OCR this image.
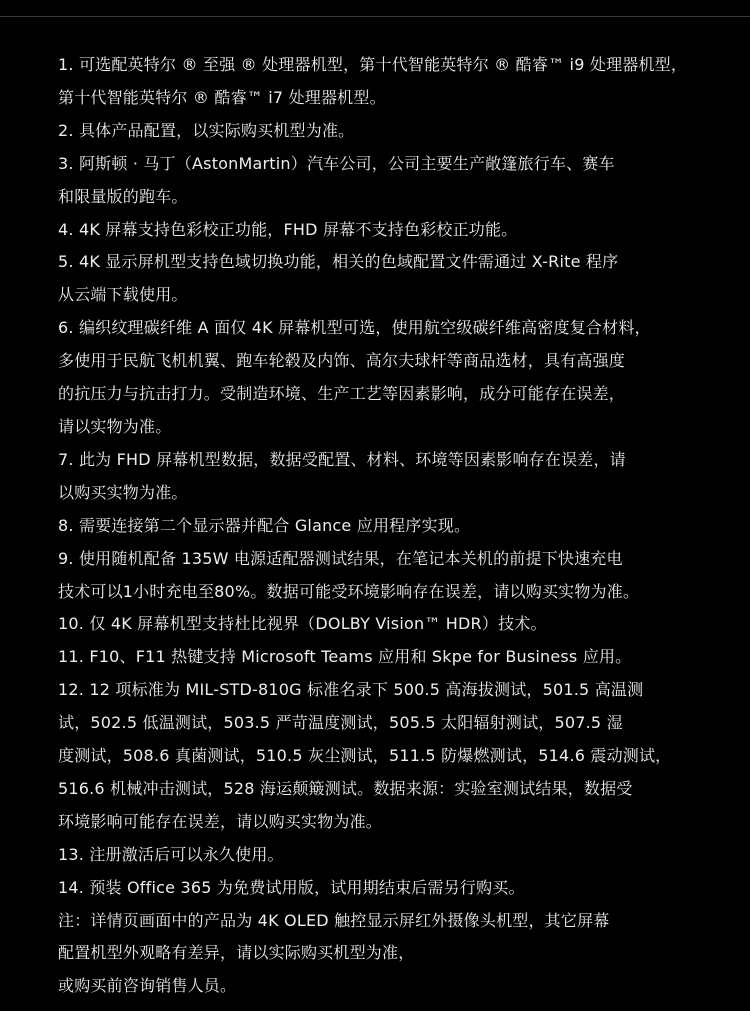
1. 可选配英特尔 ® 至强 ® 处理器机型，第十代智能英特尔 ® 酷睿™ i9 处理器机型，
第十代智能英特尔 ® 酷睿™ i7 处理器机型。
2. 具体产品配置，以实际购买机型为准。
3. 阿斯顿 · 马丁（AstonMartin）汽车公司，公司主要生产敞篷旅行车、赛车
和限量版的跑车。
4. 4K 屏幕支持色彩校正功能，FHD 屏幕不支持色彩校正功能。
5. 4K 显示屏机型支持色域切换功能，相关的色域配置文件需通过 X-Rite 程序
从云端下载使用。
6. 编织纹理碳纤维 A 面仅 4K 屏幕机型可选，使用航空级碳纤维高密度复合材料，
多使用于民航飞机机翼、跑车轮毂及内饰、高尔夫球杆等商品选材，具有高强度
的抗压力与抗击打力。受制造环境、生产工艺等因素影响，成分可能存在误差，
请以实物为准。
7. 此为 FHD 屏幕机型数据，数据受配置、材料、环境等因素影响存在误差，请
以购买实物为准。
8. 需要连接第二个显示器并配合 Glance 应用程序实现。
9. 使用随机配备 135W 电源适配器测试结果，在笔记本关机的前提下快速充电
技术可以1小时充电至80%。数据可能受环境影响存在误差，请以购买实物为准。
10. 仅 4K 屏幕机型支持杜比视界（DOLBY Vision™ HDR）技术。
11. F10、F11 热键支持 Microsoft Teams 应用和 Skpe for Business 应用。
12. 12 项标准为 MIL-STD-810G 标准名录下 500.5 高海拔测试，501.5 高温测
试，502.5 低温测试，503.5 严苛温度测试，505.5 太阳辐射测试，507.5 湿
度测试，508.6 真菌测试，510.5 灰尘测试，511.5 防爆燃测试，514.6 震动测试，
516.6 机械冲击测试，528 海运颠簸测试。数据来源：实验室测试结果，数据受
环境影响可能存在误差，请以购买实物为准。
13. 注册激活后可以永久使用。
14. 预装 Office 365 为免费试用版，试用期结束后需另行购买。
注：详情页画面中的产品为 4K OLED 触控显示屏红外摄像头机型，其它屏幕
配置机型外观略有差异，请以实际购买机型为准，
或购买前咨询销售人员。
